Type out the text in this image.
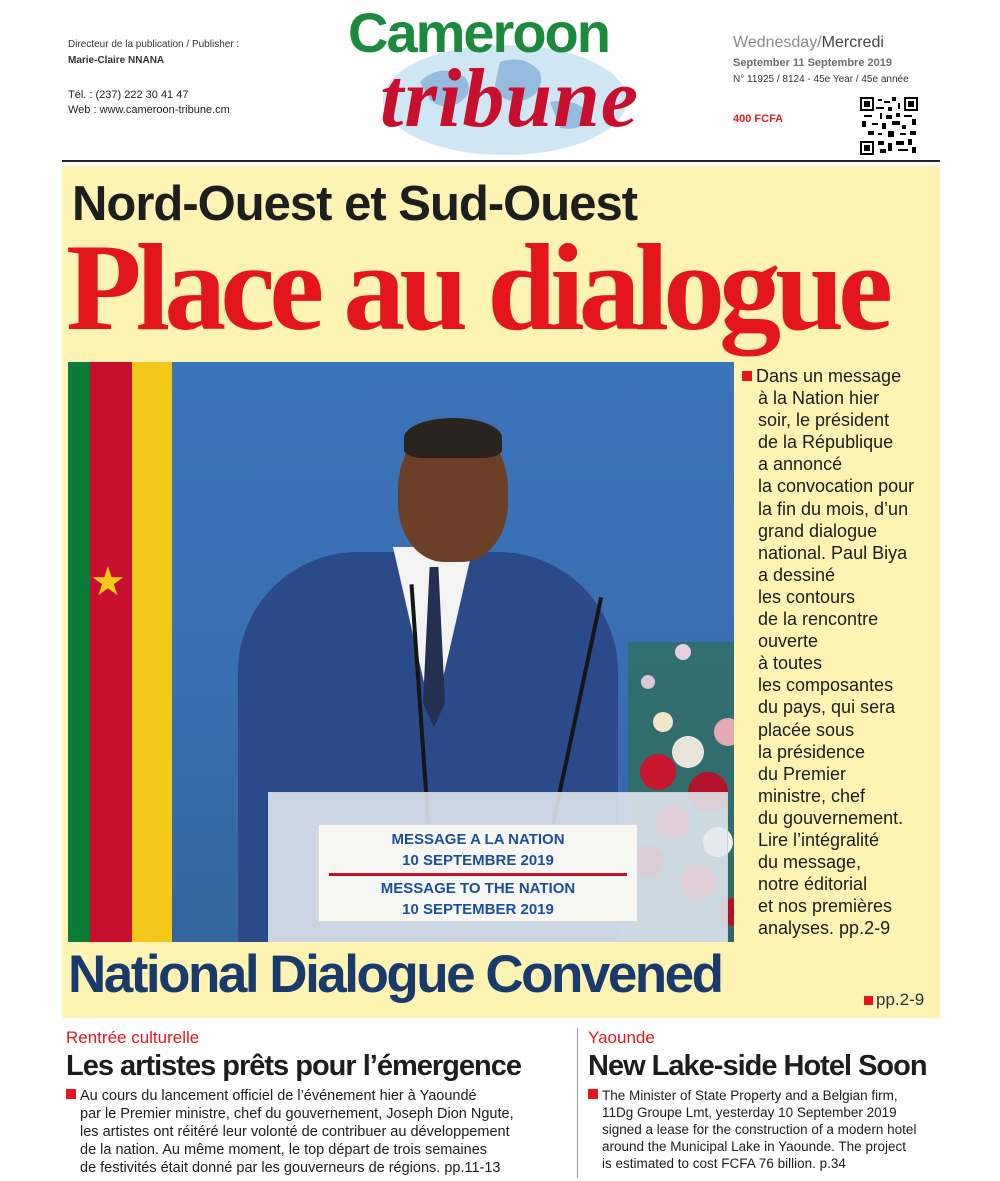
Directeur de la publication / Publisher :
Marie-Claire NNANA
Tél. : (237) 222 30 41 47
Web : www.cameroon-tribune.cm
Cameroon
tribune
Wednesday/Mercredi
September 11 Septembre 2019
N° 11925 / 8124 - 45e Year / 45e année
400 FCFA
Nord-Ouest et Sud-Ouest
Place au dialogue
★
MESSAGE A LA NATION
10 SEPTEMBRE 2019
MESSAGE TO THE NATION
10 SEPTEMBER 2019
Dans un message
à la Nation hier
soir, le président
de la République
a annoncé
la convocation pour
la fin du mois, d’un
grand dialogue
national. Paul Biya
a dessiné
les contours
de la rencontre
ouverte
à toutes
les composantes
du pays, qui sera
placée sous
la présidence
du Premier
ministre, chef
du gouvernement.
Lire l’intégralité
du message,
notre éditorial
et nos premières
analyses. pp.2-9
National Dialogue Convened	pp.2-9
Rentrée culturelle
Les artistes prêts pour l’émergence
Au cours du lancement officiel de l’événement hier à Yaoundé
par le Premier ministre, chef du gouvernement, Joseph Dion Ngute,
les artistes ont réitéré leur volonté de contribuer au développement
de la nation. Au même moment, le top départ de trois semaines
de festivités était donné par les gouverneurs de régions. pp.11-13
Yaounde
New Lake-side Hotel Soon
The Minister of State Property and a Belgian firm,
11Dg Groupe Lmt, yesterday 10 September 2019
signed a lease for the construction of a modern hotel
around the Municipal Lake in Yaounde. The project
is estimated to cost FCFA 76 billion. p.34
